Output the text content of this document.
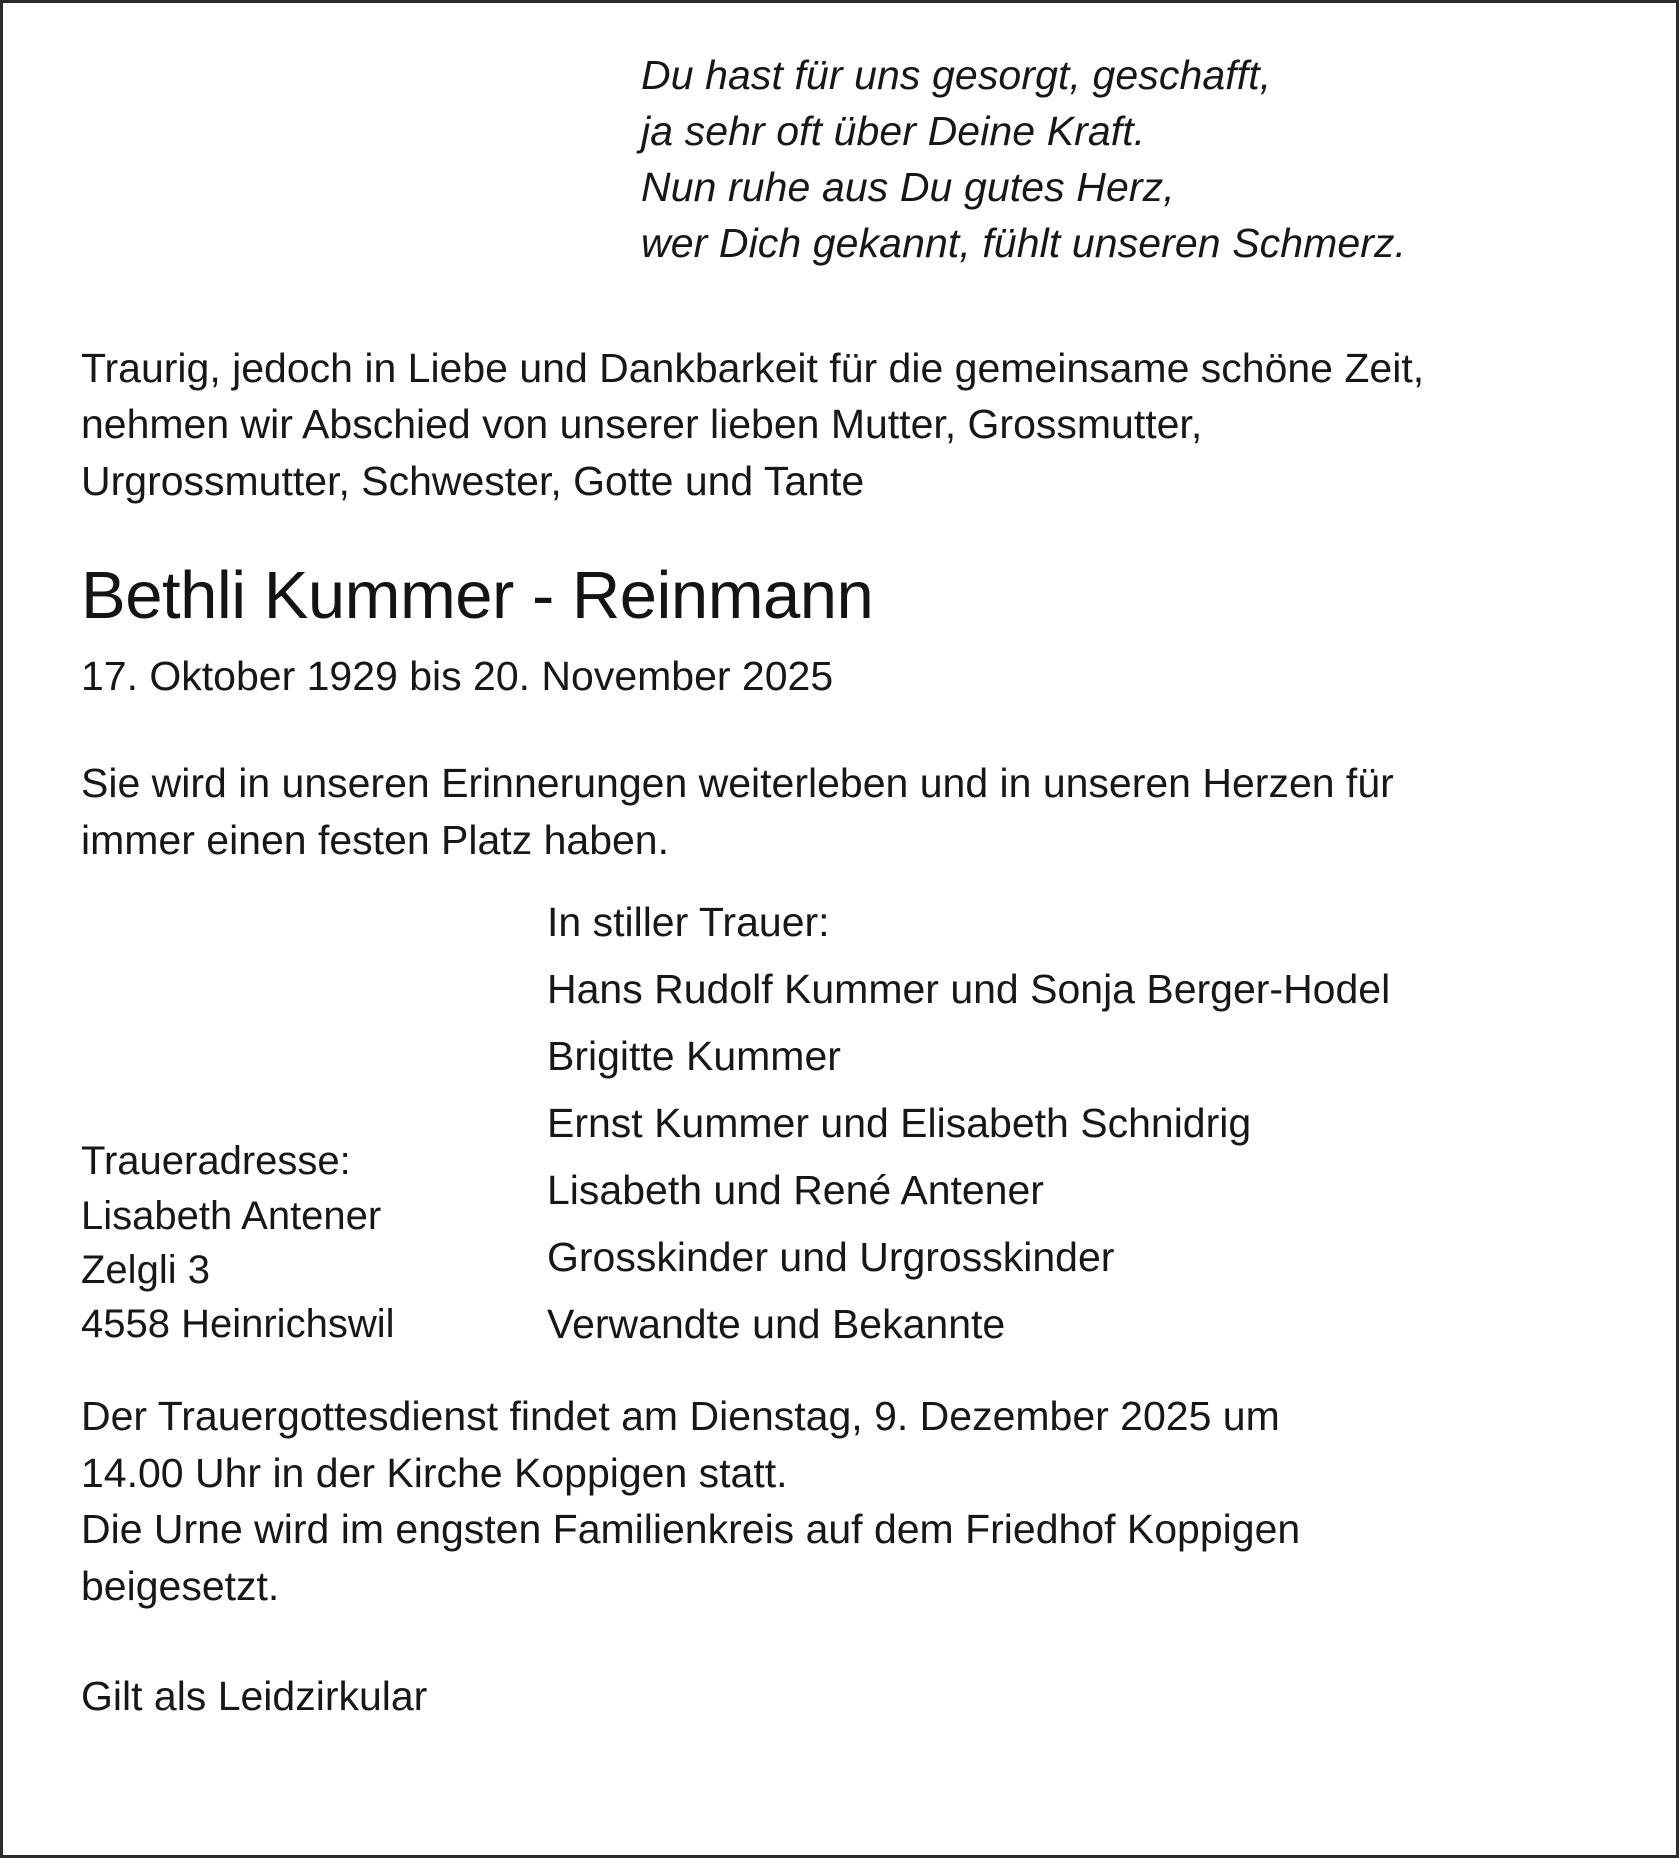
Du hast für uns gesorgt, geschafft,
ja sehr oft über Deine Kraft.
Nun ruhe aus Du gutes Herz,
wer Dich gekannt, fühlt unseren Schmerz.
Traurig, jedoch in Liebe und Dankbarkeit für die gemeinsame schöne Zeit,
nehmen wir Abschied von unserer lieben Mutter, Grossmutter,
Urgrossmutter, Schwester, Gotte und Tante
Bethli Kummer - Reinmann
17. Oktober 1929 bis 20. November 2025
Sie wird in unseren Erinnerungen weiterleben und in unseren Herzen für
immer einen festen Platz haben.
Traueradresse:
Lisabeth Antener
Zelgli 3
4558 Heinrichswil
In stiller Trauer:
Hans Rudolf Kummer und Sonja Berger-Hodel
Brigitte Kummer
Ernst Kummer und Elisabeth Schnidrig
Lisabeth und René Antener
Grosskinder und Urgrosskinder
Verwandte und Bekannte
Der Trauergottesdienst findet am Dienstag, 9. Dezember 2025 um
14.00 Uhr in der Kirche Koppigen statt.
Die Urne wird im engsten Familienkreis auf dem Friedhof Koppigen
beigesetzt.
Gilt als Leidzirkular
